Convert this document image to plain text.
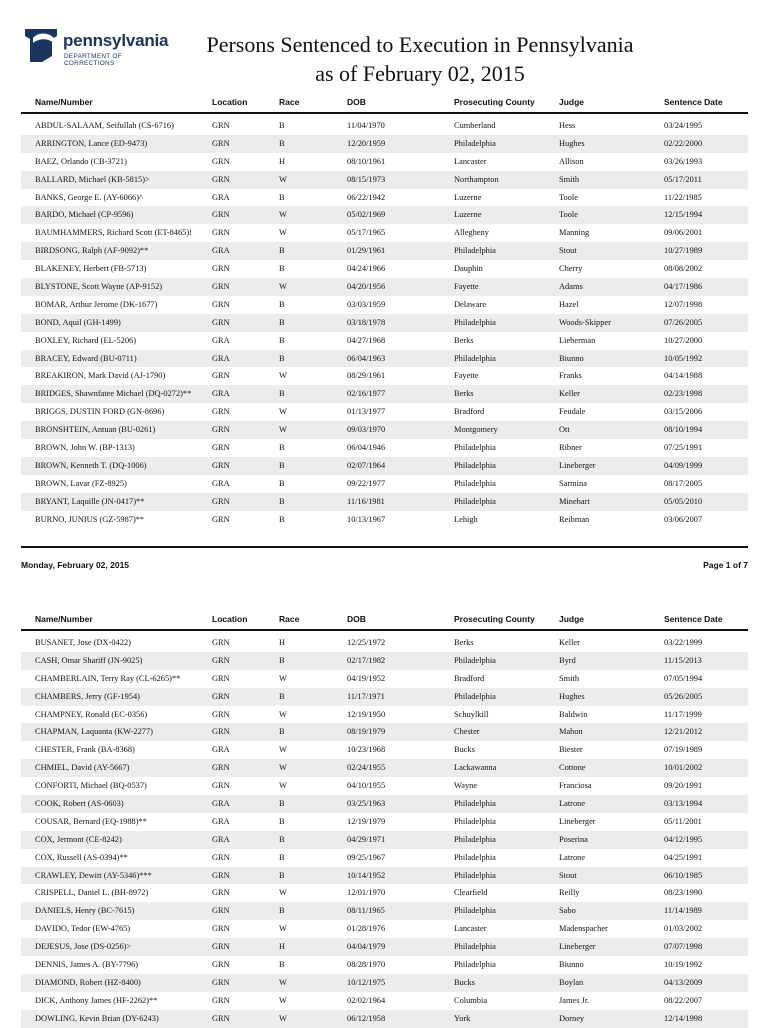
pennsylvania
DEPARTMENT OF CORRECTIONS
Persons Sentenced to Execution in Pennsylvania
as of February 02, 2015
Name/Number	Location	Race	DOB	Prosecuting County	Judge	Sentence Date
ABDUL-SALAAM, Seifullah (CS-6716)	GRN	B	11/04/1970	Cumberland	Hess	03/24/1995
ARRINGTON, Lance (ED-9473)	GRN	B	12/20/1959	Philadelphia	Hughes	02/22/2000
BAEZ, Orlando (CB-3721)	GRN	H	08/10/1961	Lancaster	Allison	03/26/1993
BALLARD, Michael (KB-5815)>	GRN	W	08/15/1973	Northampton	Smith	05/17/2011
BANKS, George E. (AY-6066)^	GRA	B	06/22/1942	Luzerne	Toole	11/22/1985
BARDO, Michael (CP-9596)	GRN	W	05/02/1969	Luzerne	Toole	12/15/1994
BAUMHAMMERS, Richard Scott (ET-8465)! GRN	W	05/17/1965	Allegheny	Manning	09/06/2001
BIRDSONG, Ralph (AF-9092)**	GRA	B	01/29/1961	Philadelphia	Stout	10/27/1989
BLAKENEY, Herbert (FB-5713)	GRN	B	04/24/1966	Dauphin	Cherry	08/08/2002
BLYSTONE, Scott Wayne (AP-9152)	GRN	W	04/20/1956	Fayette	Adams	04/17/1986
BOMAR, Arthur Jerome (DK-1677)	GRN	B	03/03/1959	Delaware	Hazel	12/07/1998
BOND, Aquil (GH-1499)	GRN	B	03/18/1978	Philadelphia	Woods-Skipper	07/26/2005
BOXLEY, Richard (EL-5206)	GRA	B	04/27/1968	Berks	Lieberman	10/27/2000
BRACEY, Edward (BU-0711)	GRA	B	06/04/1963	Philadelphia	Biunno	10/05/1992
BREAKIRON, Mark David (AJ-1790)	GRN	W	08/29/1961	Fayette	Franks	04/14/1988
BRIDGES, Shawnfatee Michael (DQ-0272)** GRA	B	02/16/1977	Berks	Keller	02/23/1998
BRIGGS, DUSTIN FORD (GN-8696)	GRN	W	01/13/1977	Bradford	Feudale	03/15/2006
BRONSHTEIN, Antuan (BU-0261)	GRN	W	09/03/1970	Montgomery	Ott	08/10/1994
BROWN, John W. (BP-1313)	GRN	B	06/04/1946	Philadelphia	Ribner	07/25/1991
BROWN, Kenneth T. (DQ-1006)	GRN	B	02/07/1964	Philadelphia	Lineberger	04/09/1999
BROWN, Lavar (FZ-8925)	GRA	B	09/22/1977	Philadelphia	Sarmina	08/17/2005
BRYANT, Laquille (JN-0417)**	GRN	B	11/16/1981	Philadelphia	Minehart	05/05/2010
BURNO, JUNIUS (GZ-5987)**	GRN	B	10/13/1967	Lehigh	Reibman	03/06/2007
Monday, February 02, 2015	Page 1 of 7
Name/Number	Location	Race	DOB	Prosecuting County	Judge	Sentence Date
BUSANET, Jose (DX-0422)	GRN	H	12/25/1972	Berks	Keller	03/22/1999
CASH, Omar Shariff (JN-9025)	GRN	B	02/17/1982	Philadelphia	Byrd	11/15/2013
CHAMBERLAIN, Terry Ray (CL-6265)**	GRN	W	04/19/1952	Bradford	Smith	07/05/1994
CHAMBERS, Jerry (GF-1954)	GRN	B	11/17/1971	Philadelphia	Hughes	05/26/2005
CHAMPNEY, Ronald (EC-0356)	GRN	W	12/19/1950	Schuylkill	Baldwin	11/17/1999
CHAPMAN, Laquanta (KW-2277)	GRN	B	08/19/1979	Chester	Mahon	12/21/2012
CHESTER, Frank (BA-8368)	GRA	W	10/23/1968	Bucks	Biester	07/19/1989
CHMIEL, David (AY-5667)	GRN	W	02/24/1955	Lackawanna	Cottone	10/01/2002
CONFORTI, Michael (BQ-0537)	GRN	W	04/10/1955	Wayne	Franciosa	09/20/1991
COOK, Robert (AS-0603)	GRA	B	03/25/1963	Philadelphia	Latrone	03/13/1994
COUSAR, Bernard (EQ-1988)**	GRA	B	12/19/1979	Philadelphia	Lineberger	05/11/2001
COX, Jermont (CE-8242)	GRA	B	04/29/1971	Philadelphia	Poserina	04/12/1995
COX, Russell (AS-0394)**	GRN	B	09/25/1967	Philadelphia	Latrone	04/25/1991
CRAWLEY, Dewitt (AY-5346)***	GRN	B	10/14/1952	Philadelphia	Stout	06/10/1985
CRISPELL, Daniel L. (BH-8972)	GRN	W	12/01/1970	Clearfield	Reilly	08/23/1990
DANIELS, Henry (BC-7615)	GRN	B	08/11/1965	Philadelphia	Sabo	11/14/1989
DAVIDO, Tedor (EW-4765)	GRN	W	01/28/1976	Lancaster	Madenspacher	01/03/2002
DEJESUS, Jose (DS-0256)>	GRN	H	04/04/1979	Philadelphia	Lineberger	07/07/1998
DENNIS, James A. (BY-7796)	GRN	B	08/28/1970	Philadelphia	Biunno	10/19/1992
DIAMOND, Robert (HZ-8400)	GRN	W	10/12/1975	Bucks	Boylan	04/13/2009
DICK, Anthony James (HF-2262)**	GRN	W	02/02/1964	Columbia	James Jr.	08/22/2007
DOWLING, Kevin Brian (DY-6243)	GRN	W	06/12/1958	York	Dorney	12/14/1998
